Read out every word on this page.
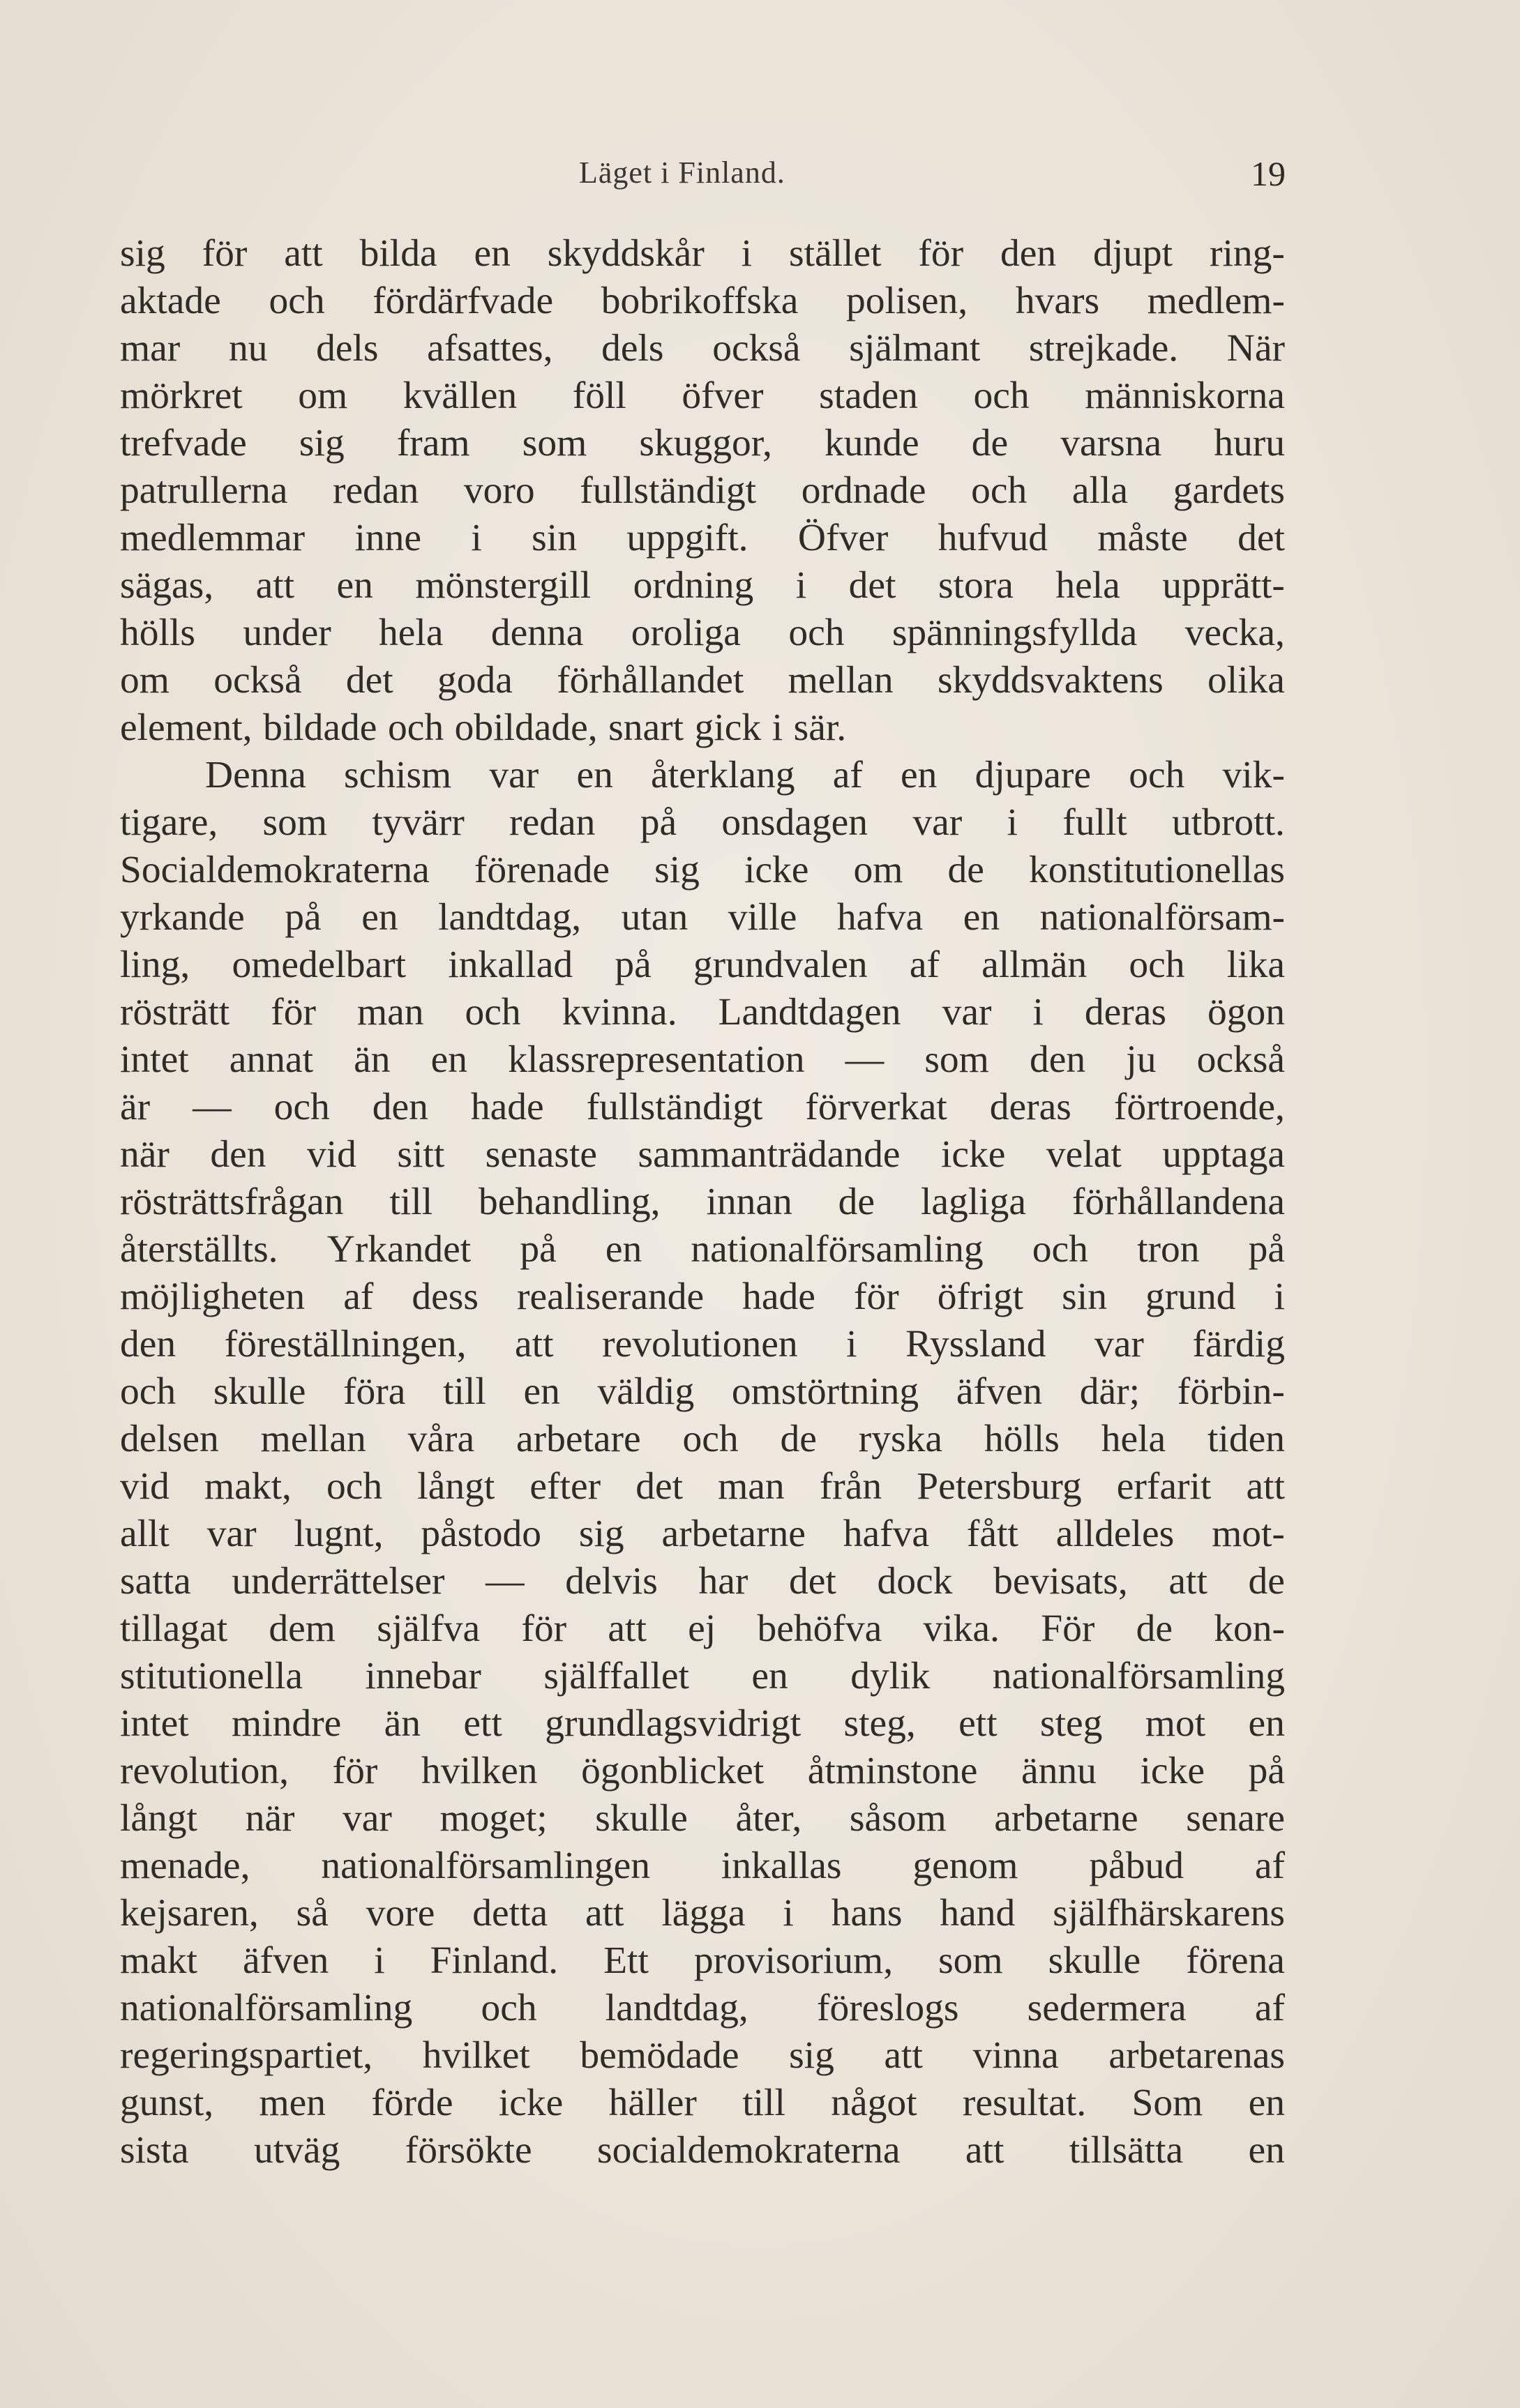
Läget i Finland.	19
sig för att bilda en skyddskår i stället för den djupt ring-
aktade och fördärfvade bobrikoffska polisen, hvars medlem-
mar nu dels afsattes, dels också själmant strejkade. När
mörkret om kvällen föll öfver staden och människorna
trefvade sig fram som skuggor, kunde de varsna huru
patrullerna redan voro fullständigt ordnade och alla gardets
medlemmar inne i sin uppgift. Öfver hufvud måste det
sägas, att en mönstergill ordning i det stora hela upprätt-
hölls under hela denna oroliga och spänningsfyllda vecka,
om också det goda förhållandet mellan skyddsvaktens olika
element, bildade och obildade, snart gick i sär.
Denna schism var en återklang af en djupare och vik-
tigare, som tyvärr redan på onsdagen var i fullt utbrott.
Socialdemokraterna förenade sig icke om de konstitutionellas
yrkande på en landtdag, utan ville hafva en nationalförsam-
ling, omedelbart inkallad på grundvalen af allmän och lika
rösträtt för man och kvinna. Landtdagen var i deras ögon
intet annat än en klassrepresentation — som den ju också
är — och den hade fullständigt förverkat deras förtroende,
när den vid sitt senaste sammanträdande icke velat upptaga
rösträttsfrågan till behandling, innan de lagliga förhållandena
återställts. Yrkandet på en nationalförsamling och tron på
möjligheten af dess realiserande hade för öfrigt sin grund i
den föreställningen, att revolutionen i Ryssland var färdig
och skulle föra till en väldig omstörtning äfven där; förbin-
delsen mellan våra arbetare och de ryska hölls hela tiden
vid makt, och långt efter det man från Petersburg erfarit att
allt var lugnt, påstodo sig arbetarne hafva fått alldeles mot-
satta underrättelser — delvis har det dock bevisats, att de
tillagat dem själfva för att ej behöfva vika. För de kon-
stitutionella innebar själffallet en dylik nationalförsamling
intet mindre än ett grundlagsvidrigt steg, ett steg mot en
revolution, för hvilken ögonblicket åtminstone ännu icke på
långt när var moget; skulle åter, såsom arbetarne senare
menade, nationalförsamlingen inkallas genom påbud af
kejsaren, så vore detta att lägga i hans hand själfhärskarens
makt äfven i Finland. Ett provisorium, som skulle förena
nationalförsamling och landtdag, föreslogs sedermera af
regeringspartiet, hvilket bemödade sig att vinna arbetarenas
gunst, men förde icke häller till något resultat. Som en
sista utväg försökte socialdemokraterna att tillsätta en
